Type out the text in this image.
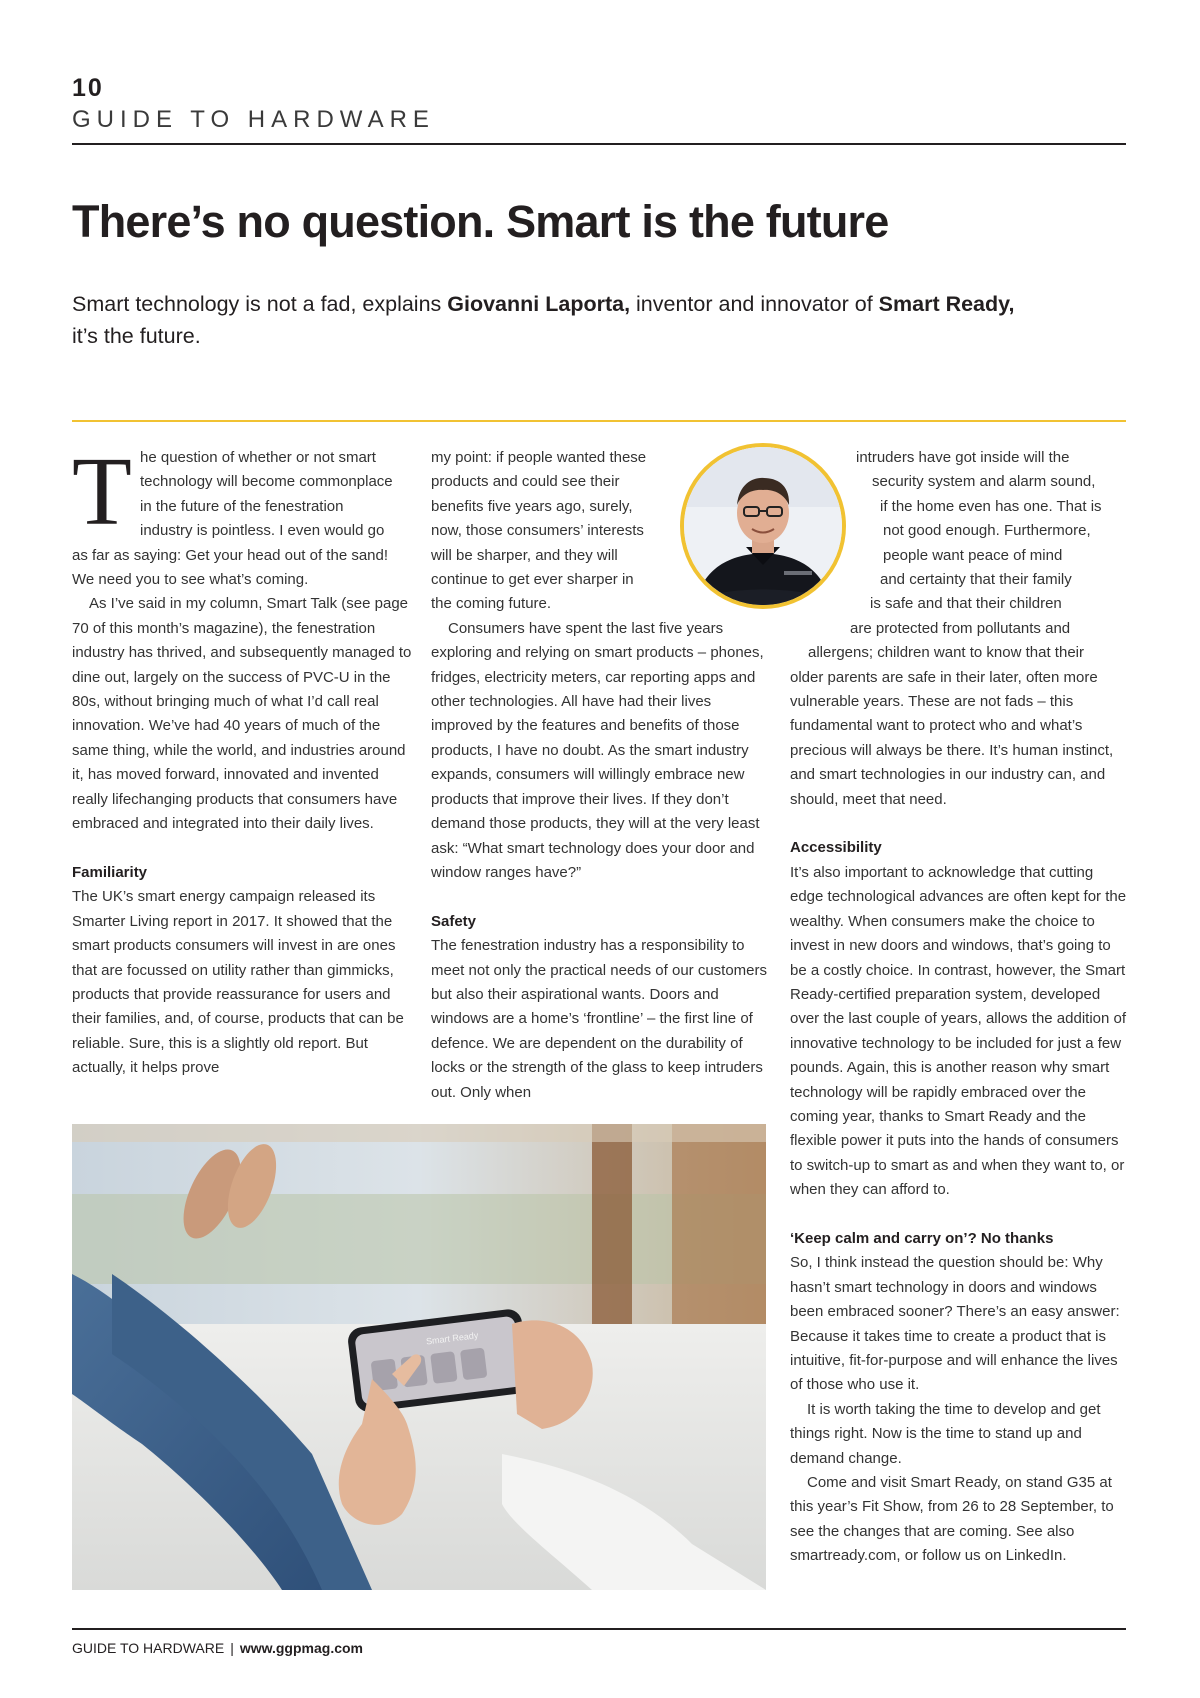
10
GUIDE TO HARDWARE
There’s no question. Smart is the future

Smart technology is not a fad, explains Giovanni Laporta, inventor and innovator of Smart Ready,
it’s the future.

T he question of whether or not smart
technology will become commonplace
in the future of the fenestration
industry is pointless. I even would go

as far as saying: Get your head out of the sand! We need you to see what’s coming.

As I’ve said in my column, Smart Talk (see page 70 of this month’s magazine), the fenestration industry has thrived, and subsequently managed to dine out, largely on the success of PVC-U in the 80s, without bringing much of what I’d call real innovation. We’ve had 40 years of much of the same thing, while the world, and industries around it, has moved forward, innovated and invented really lifechanging products that consumers have embraced and integrated into their daily lives.

Familiarity

The UK’s smart energy campaign released its Smarter Living report in 2017. It showed that the smart products consumers will invest in are ones that are focussed on utility rather than gimmicks, products that provide reassurance for users and their families, and, of course, products that can be reliable. Sure, this is a slightly old report. But actually, it helps prove

my point: if people wanted these
products and could see their
benefits five years ago, surely,
now, those consumers’ interests
will be sharper, and they will
continue to get ever sharper in
the coming future.

Consumers have spent the last five years exploring and relying on smart products – phones, fridges, electricity meters, car reporting apps and other technologies. All have had their lives improved by the features and benefits of those products, I have no doubt. As the smart industry expands, consumers will willingly embrace new products that improve their lives. If they don’t demand those products, they will at the very least ask: “What smart technology does your door and window ranges have?”

Safety

The fenestration industry has a responsibility to meet not only the practical needs of our customers but also their aspirational wants. Doors and windows are a home’s ‘frontline’ – the first line of defence. We are dependent on the durability of locks or the strength of the glass to keep intruders out. Only when

intruders have got inside will the
security system and alarm sound,
if the home even has one. That is
not good enough. Furthermore,
people want peace of mind
and certainty that their family
is safe and that their children
are protected from pollutants and
allergens; children want to know that their

older parents are safe in their later, often more vulnerable years. These are not fads – this fundamental want to protect who and what’s precious will always be there. It’s human instinct, and smart technologies in our industry can, and should, meet that need.

Accessibility

It’s also important to acknowledge that cutting edge technological advances are often kept for the wealthy. When consumers make the choice to invest in new doors and windows, that’s going to be a costly choice. In contrast, however, the Smart Ready-certified preparation system, developed over the last couple of years, allows the addition of innovative technology to be included for just a few pounds. Again, this is another reason why smart technology will be rapidly embraced over the coming year, thanks to Smart Ready and the flexible power it puts into the hands of consumers to switch-up to smart as and when they want to, or when they can afford to.

‘Keep calm and carry on’? No thanks

So, I think instead the question should be: Why hasn’t smart technology in doors and windows been embraced sooner? There’s an easy answer: Because it takes time to create a product that is intuitive, fit-for-purpose and will enhance the lives of those who use it.

It is worth taking the time to develop and get things right. Now is the time to stand up and demand change.

Come and visit Smart Ready, on stand G35 at this year’s Fit Show, from 26 to 28 September, to see the changes that are coming. See also smartready.com, or follow us on LinkedIn.

Smart Ready
GUIDE TO HARDWARE | www.ggpmag.com
